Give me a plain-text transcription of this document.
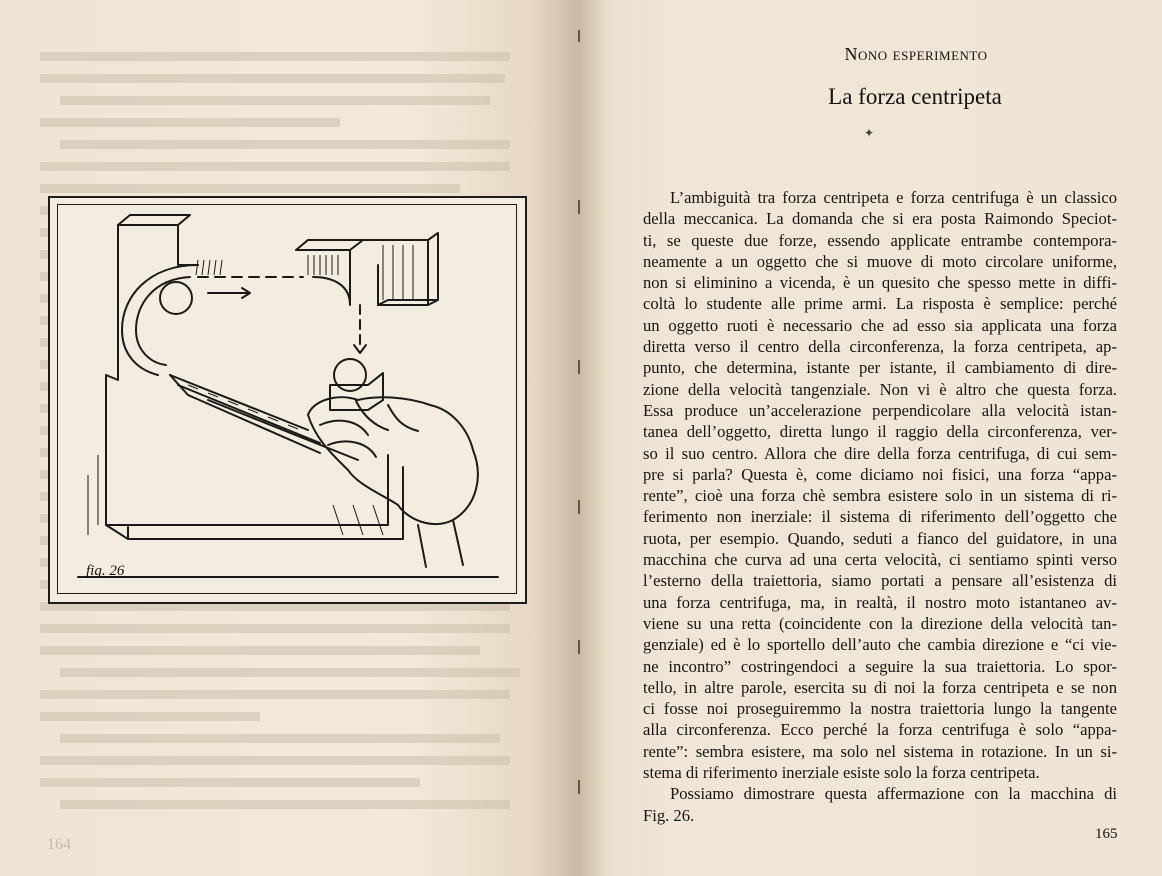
fig. 26
164
Nono esperimento
La forza centripeta
✦
L’ambiguità tra forza centripeta e forza centrifuga è un classico
della meccanica. La domanda che si era posta Raimondo Speciot-
ti, se queste due forze, essendo applicate entrambe contempora-
neamente a un oggetto che si muove di moto circolare uniforme,
non si eliminino a vicenda, è un quesito che spesso mette in diffi-
coltà lo studente alle prime armi. La risposta è semplice: perché
un oggetto ruoti è necessario che ad esso sia applicata una forza
diretta verso il centro della circonferenza, la forza centripeta, ap-
punto, che determina, istante per istante, il cambiamento di dire-
zione della velocità tangenziale. Non vi è altro che questa forza.
Essa produce un’accelerazione perpendicolare alla velocità istan-
tanea dell’oggetto, diretta lungo il raggio della circonferenza, ver-
so il suo centro. Allora che dire della forza centrifuga, di cui sem-
pre si parla? Questa è, come diciamo noi fisici, una forza “appa-
rente”, cioè una forza chè sembra esistere solo in un sistema di ri-
ferimento non inerziale: il sistema di riferimento dell’oggetto che
ruota, per esempio. Quando, seduti a fianco del guidatore, in una
macchina che curva ad una certa velocità, ci sentiamo spinti verso
l’esterno della traiettoria, siamo portati a pensare all’esistenza di
una forza centrifuga, ma, in realtà, il nostro moto istantaneo av-
viene su una retta (coincidente con la direzione della velocità tan-
genziale) ed è lo sportello dell’auto che cambia direzione e “ci vie-
ne incontro” costringendoci a seguire la sua traiettoria. Lo spor-
tello, in altre parole, esercita su di noi la forza centripeta e se non
ci fosse noi proseguiremmo la nostra traiettoria lungo la tangente
alla circonferenza. Ecco perché la forza centrifuga è solo “appa-
rente”: sembra esistere, ma solo nel sistema in rotazione. In un si-
stema di riferimento inerziale esiste solo la forza centripeta.
Possiamo dimostrare questa affermazione con la macchina di
Fig. 26.
165
